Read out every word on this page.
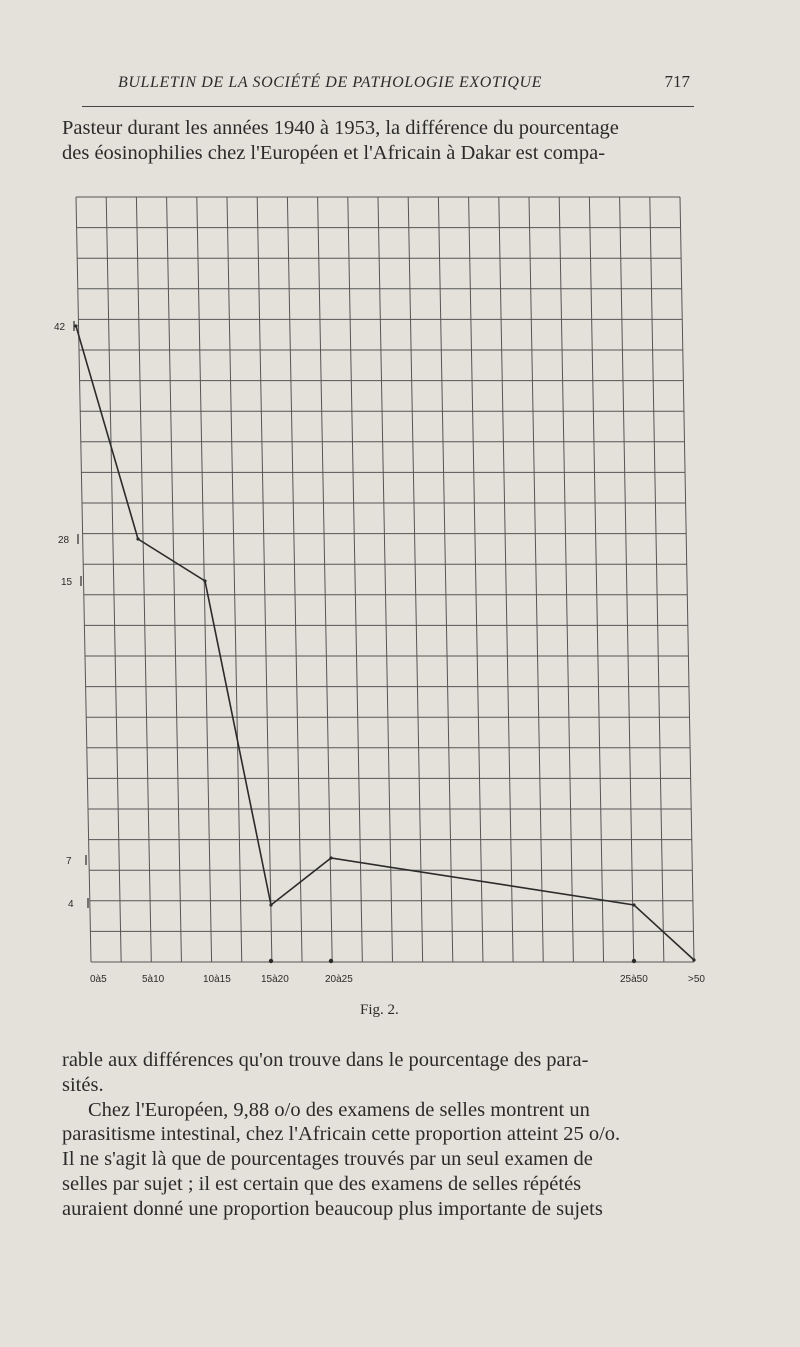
BULLETIN DE LA SOCIÉTÉ DE PATHOLOGIE EXOTIQUE	717
Pasteur durant les années 1940 à 1953, la différence du pourcentage
des éosinophilies chez l'Européen et l'Africain à Dakar est compa-
0à5	5à10	10à15	15à20	20à25	25à50	>50
42
28
15
7
4
Fig. 2.
rable aux différences qu'on trouve dans le pourcentage des para-
sités.
Chez l'Européen, 9,88 o/o des examens de selles montrent un
parasitisme intestinal, chez l'Africain cette proportion atteint 25 o/o.
Il ne s'agit là que de pourcentages trouvés par un seul examen de
selles par sujet ; il est certain que des examens de selles répétés
auraient donné une proportion beaucoup plus importante de sujets
